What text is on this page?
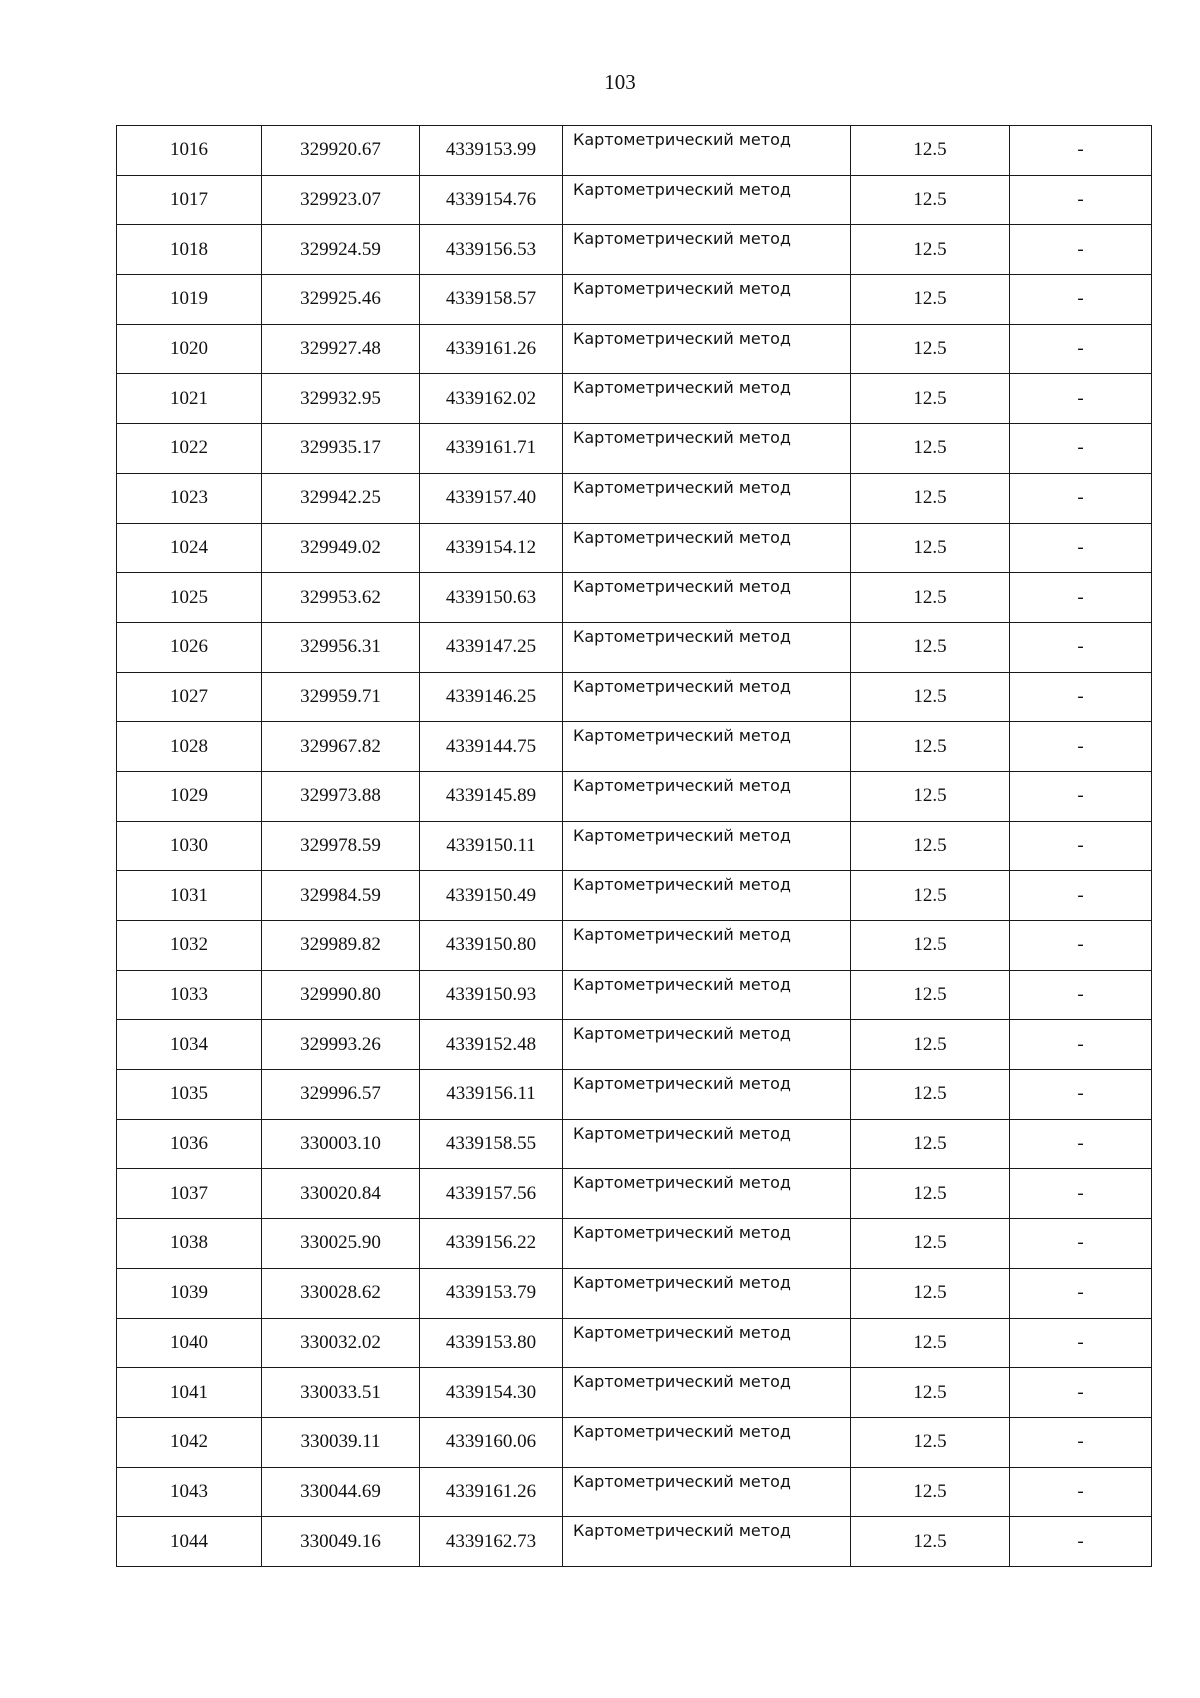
103
1016	329920.67	4339153.99	Картометрический метод	12.5	-
1017	329923.07	4339154.76	Картометрический метод	12.5	-
1018	329924.59	4339156.53	Картометрический метод	12.5	-
1019	329925.46	4339158.57	Картометрический метод	12.5	-
1020	329927.48	4339161.26	Картометрический метод	12.5	-
1021	329932.95	4339162.02	Картометрический метод	12.5	-
1022	329935.17	4339161.71	Картометрический метод	12.5	-
1023	329942.25	4339157.40	Картометрический метод	12.5	-
1024	329949.02	4339154.12	Картометрический метод	12.5	-
1025	329953.62	4339150.63	Картометрический метод	12.5	-
1026	329956.31	4339147.25	Картометрический метод	12.5	-
1027	329959.71	4339146.25	Картометрический метод	12.5	-
1028	329967.82	4339144.75	Картометрический метод	12.5	-
1029	329973.88	4339145.89	Картометрический метод	12.5	-
1030	329978.59	4339150.11	Картометрический метод	12.5	-
1031	329984.59	4339150.49	Картометрический метод	12.5	-
1032	329989.82	4339150.80	Картометрический метод	12.5	-
1033	329990.80	4339150.93	Картометрический метод	12.5	-
1034	329993.26	4339152.48	Картометрический метод	12.5	-
1035	329996.57	4339156.11	Картометрический метод	12.5	-
1036	330003.10	4339158.55	Картометрический метод	12.5	-
1037	330020.84	4339157.56	Картометрический метод	12.5	-
1038	330025.90	4339156.22	Картометрический метод	12.5	-
1039	330028.62	4339153.79	Картометрический метод	12.5	-
1040	330032.02	4339153.80	Картометрический метод	12.5	-
1041	330033.51	4339154.30	Картометрический метод	12.5	-
1042	330039.11	4339160.06	Картометрический метод	12.5	-
1043	330044.69	4339161.26	Картометрический метод	12.5	-
1044	330049.16	4339162.73	Картометрический метод	12.5	-
